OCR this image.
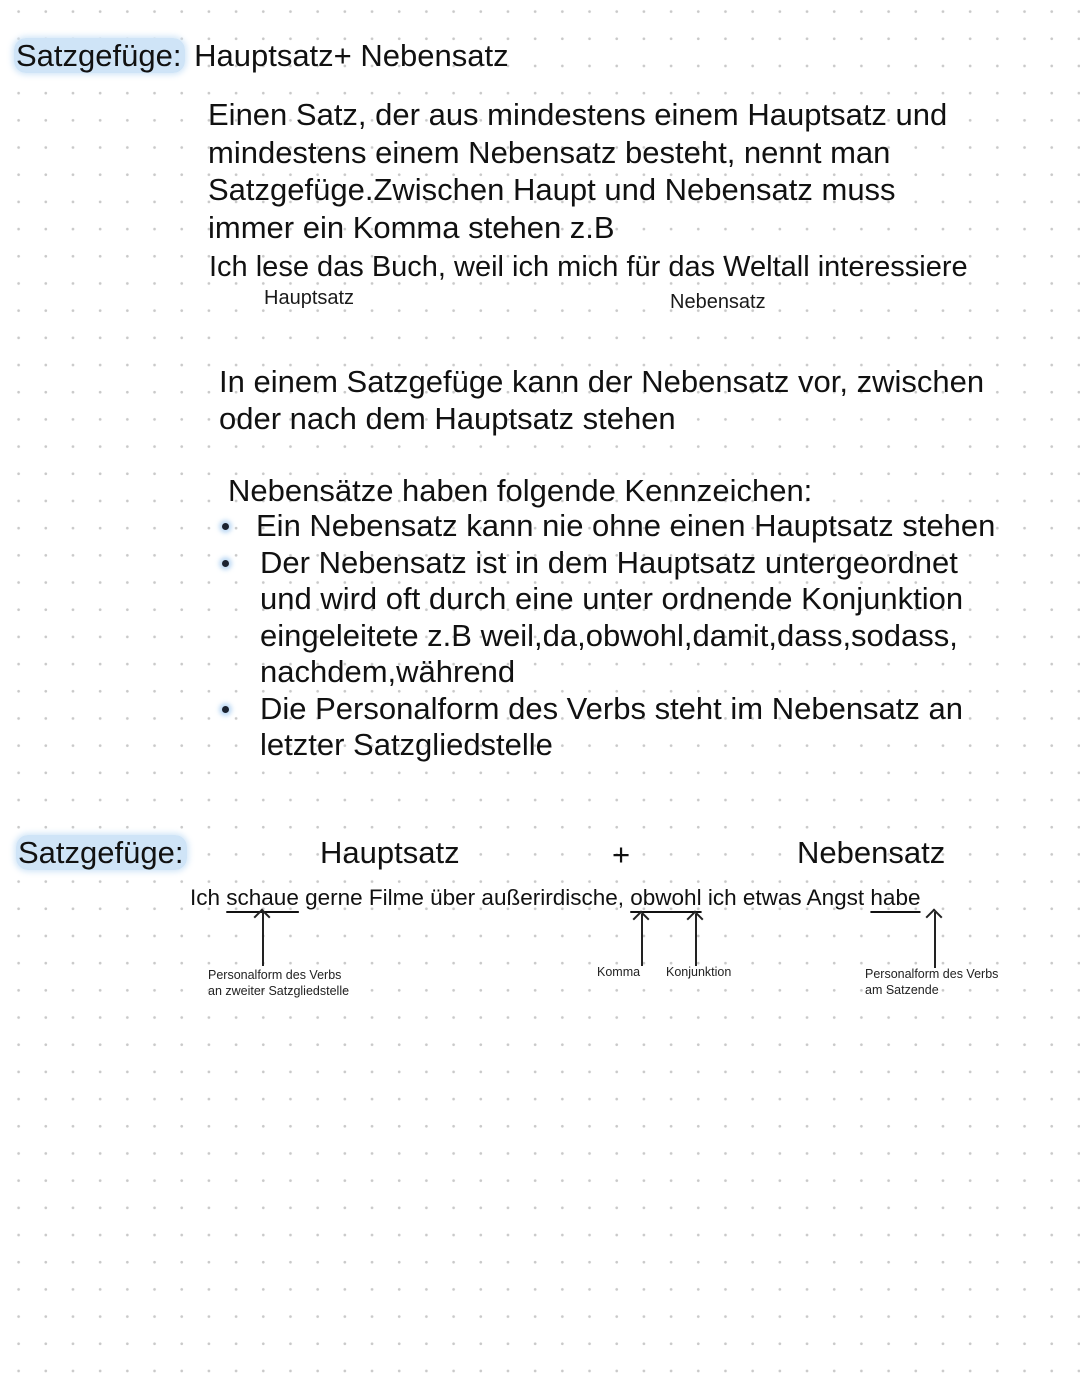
Satzgefüge: Hauptsatz+ Nebensatz
Einen Satz, der aus mindestens einem Hauptsatz und
mindestens einem Nebensatz besteht, nennt man
Satzgefüge.Zwischen Haupt und Nebensatz muss
immer ein Komma stehen z.B
Ich lese das Buch, weil ich mich für das Weltall interessiere
Hauptsatz	Nebensatz
In einem Satzgefüge kann der Nebensatz vor, zwischen
oder nach dem Hauptsatz stehen
Nebensätze haben folgende Kennzeichen:
Ein Nebensatz kann nie ohne einen Hauptsatz stehen
Der Nebensatz ist in dem Hauptsatz untergeordnet
und wird oft durch eine unter ordnende Konjunktion
eingeleitete z.B weil,da,obwohl,damit,dass,sodass,
nachdem,während
Die Personalform des Verbs steht im Nebensatz an
letzter Satzgliedstelle
Satzgefüge:	Hauptsatz	+	Nebensatz
Ich schaue gerne Filme über außerirdische, obwohl ich etwas Angst habe
Personalform des Verbs
an zweiter Satzgliedstelle
Komma Konjunktion	Personalform des Verbs
am Satzende
